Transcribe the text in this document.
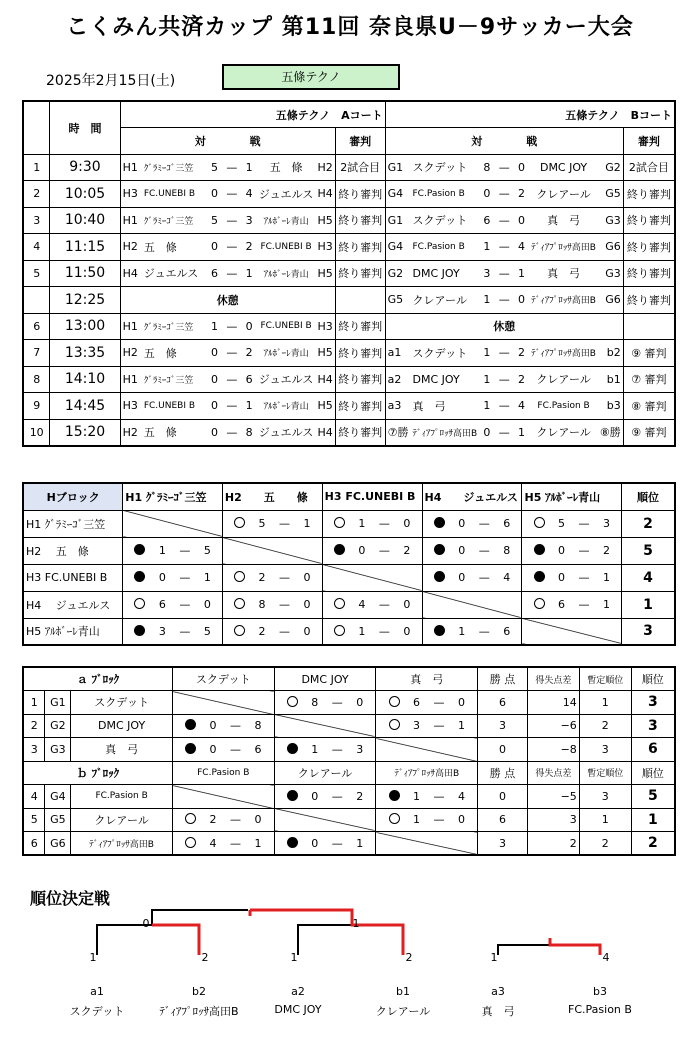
こくみん共済カップ 第11回 奈良県U－9サッカー大会
2025年2月15日(土)	五條テクノ
	時　間	五條テクノ　Aコート								五條テクノ　Bコート							
		対　　　　戦							審判	対　　　　戦							審判
1	9:30	H1	ｸﾞﾗﾐｰｺﾞ三笠	5	—	1	五　條	H2	2試合目	G1	スクデット	8	—	0	DMC JOY	G2	2試合目
2	10:05	H3	FC.UNEBI B	0	—	4	ジュエルス	H4	終り審判	G4	FC.Pasion B	0	—	2	クレアール	G5	終り審判
3	10:40	H1	ｸﾞﾗﾐｰｺﾞ三笠	5	—	3	ｱﾙﾎﾞｰﾚ青山	H5	終り審判	G1	スクデット	6	—	0	真　弓	G3	終り審判
4	11:15	H2	五　條	0	—	2	FC.UNEBI B	H3	終り審判	G4	FC.Pasion B	1	—	4	ﾃﾞｨｱﾌﾟﾛｯｻ高田B	G6	終り審判
5	11:50	H4	ジュエルス	6	—	1	ｱﾙﾎﾞｰﾚ青山	H5	終り審判	G2	DMC JOY	3	—	1	真　弓	G3	終り審判
	12:25	休憩								G5	クレアール	1	—	0	ﾃﾞｨｱﾌﾟﾛｯｻ高田B	G6	終り審判
6	13:00	H1	ｸﾞﾗﾐｰｺﾞ三笠	1	—	0	FC.UNEBI B	H3	終り審判	休憩							
7	13:35	H2	五　條	0	—	2	ｱﾙﾎﾞｰﾚ青山	H5	終り審判	a1	スクデット	1	—	2	ﾃﾞｨｱﾌﾟﾛｯｻ高田B	b2	⑨ 審判
8	14:10	H1	ｸﾞﾗﾐｰｺﾞ三笠	0	—	6	ジュエルス	H4	終り審判	a2	DMC JOY	1	—	2	クレアール	b1	⑦ 審判
9	14:45	H3	FC.UNEBI B	0	—	1	ｱﾙﾎﾞｰﾚ青山	H5	終り審判	a3	真　弓	1	—	4	FC.Pasion B	b3	⑧ 審判
10	15:20	H2	五　條	0	—	8	ジュエルス	H4	終り審判	⑦勝	ﾃﾞｨｱﾌﾟﾛｯｻ高田B	0	—	1	クレアール	⑧勝	⑨ 審判
Hブロック	H1 ｸﾞﾗﾐｰｺﾞ三笠	H2　　五　　條	H3 FC.UNEBI B	H4　　ジュエルス	H5 ｱﾙﾎﾞｰﾚ青山	順位
H1 ｸﾞﾗﾐｰｺﾞ三笠		5 — 1	1 — 0	0 — 6	5 — 3	2
H2　 五　條	1 — 5		0 — 2	0 — 8	0 — 2	5
H3 FC.UNEBI B	0 — 1	2 — 0		0 — 4	0 — 1	4
H4　 ジュエルス	6 — 0	8 — 0	4 — 0		6 — 1	1
H5 ｱﾙﾎﾞｰﾚ青山	3 — 5	2 — 0	1 — 0	1 — 6		3
ａ ﾌﾞﾛｯｸ			スクデット	DMC JOY	真　弓	勝 点	得失点差	暫定順位	順位
1	G1	スクデット		8 — 0	6 — 0	6	14	1	3
2	G2	DMC JOY	0 — 8		3 — 1	3	−6	2	3
3	G3	真　弓	0 — 6	1 — 3		0	−8	3	6
ｂ ﾌﾞﾛｯｸ			FC.Pasion B	クレアール	ﾃﾞｨｱﾌﾟﾛｯｻ高田B	勝 点	得失点差	暫定順位	順位
4	G4	FC.Pasion B		0 — 2	1 — 4	0	−5	3	5
5	G5	クレアール	2 — 0		1 — 0	6	3	1	1
6	G6	ﾃﾞｨｱﾌﾟﾛｯｻ高田B	4 — 1	0 — 1		3	2	2	2
順位決定戦
a1
スクデット
1
b2
ﾃﾞｨｱﾌﾟﾛｯｻ高田B
2
a2
DMC JOY
1
b1
クレアール
2
a3
真　弓
1
b3
FC.Pasion B
4
0	1
